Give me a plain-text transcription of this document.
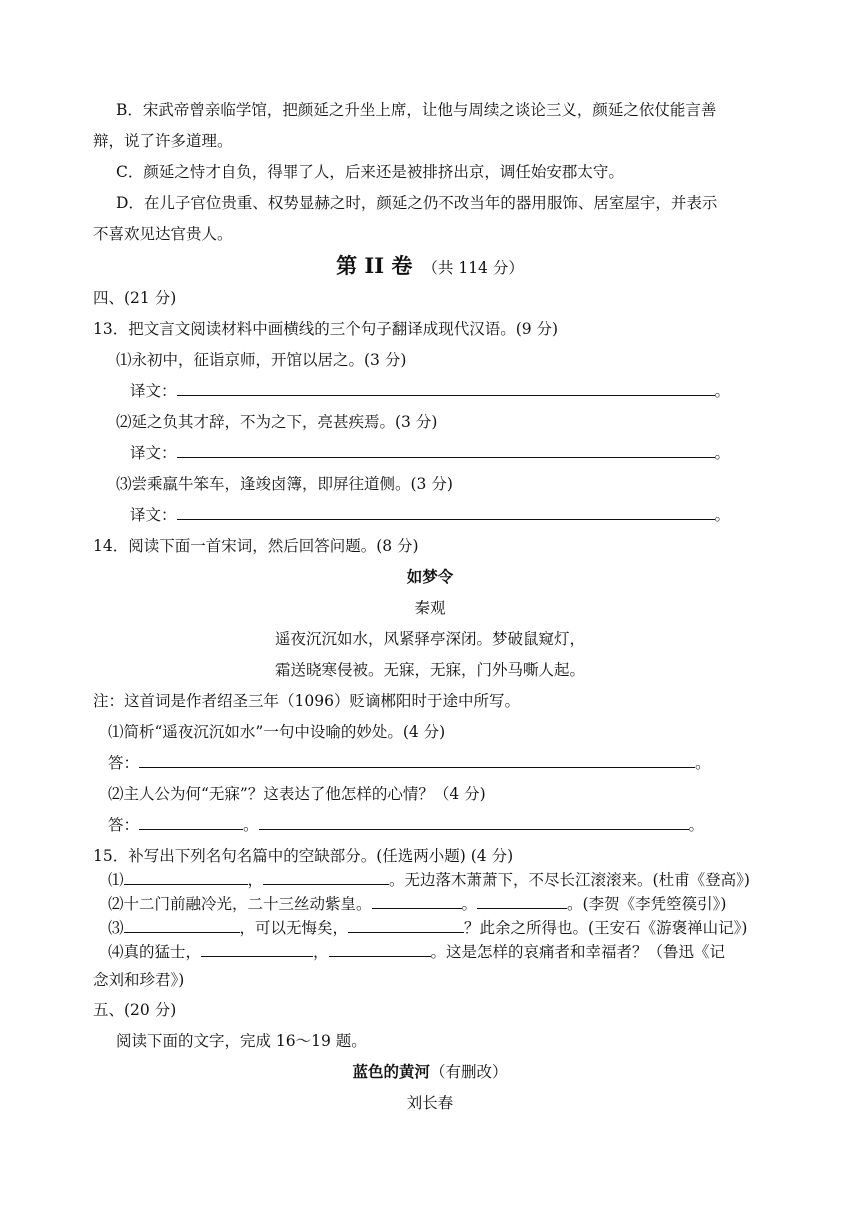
B．宋武帝曾亲临学馆，把颜延之升坐上席，让他与周续之谈论三义，颜延之依仗能言善
辩，说了许多道理。
C．颜延之恃才自负，得罪了人，后来还是被排挤出京，调任始安郡太守。
D．在儿子官位贵重、权势显赫之时，颜延之仍不改当年的器用服饰、居室屋宇，并表示
不喜欢见达官贵人。
第 II 卷 （共 114 分）
四、(21 分)
13．把文言文阅读材料中画横线的三个句子翻译成现代汉语。(9 分)
⑴永初中，征诣京师，开馆以居之。(3 分)
译文：	。
⑵延之负其才辞，不为之下，亮甚疾焉。(3 分)
译文：	。
⑶尝乘羸牛笨车，逢竣卤簿，即屏往道侧。(3 分)
译文：	。
14．阅读下面一首宋词，然后回答问题。(8 分)
如梦令
秦观
遥夜沉沉如水，风紧驿亭深闭。梦破鼠窥灯，
霜送晓寒侵被。无寐，无寐，门外马嘶人起。
注：这首词是作者绍圣三年（1096）贬谪郴阳时于途中所写。
⑴简析“遥夜沉沉如水”一句中设喻的妙处。(4 分)
答：	。
⑵主人公为何“无寐”？这表达了他怎样的心情？（4 分)
答：	。	。
15．补写出下列名句名篇中的空缺部分。(任选两小题) (4 分)
⑴	，	。无边落木萧萧下，不尽长江滚滚来。(杜甫《登高》)
⑵十二门前融冷光，二十三丝动紫皇。	。	。(李贺《李凭箜篌引》)
⑶	，可以无悔矣，	？此余之所得也。(王安石《游褒禅山记》)
⑷真的猛士，	，	。这是怎样的哀痛者和幸福者？（鲁迅《记
念刘和珍君》)
五、(20 分)
阅读下面的文字，完成 16～19 题。
蓝色的黄河（有删改）
刘长春
